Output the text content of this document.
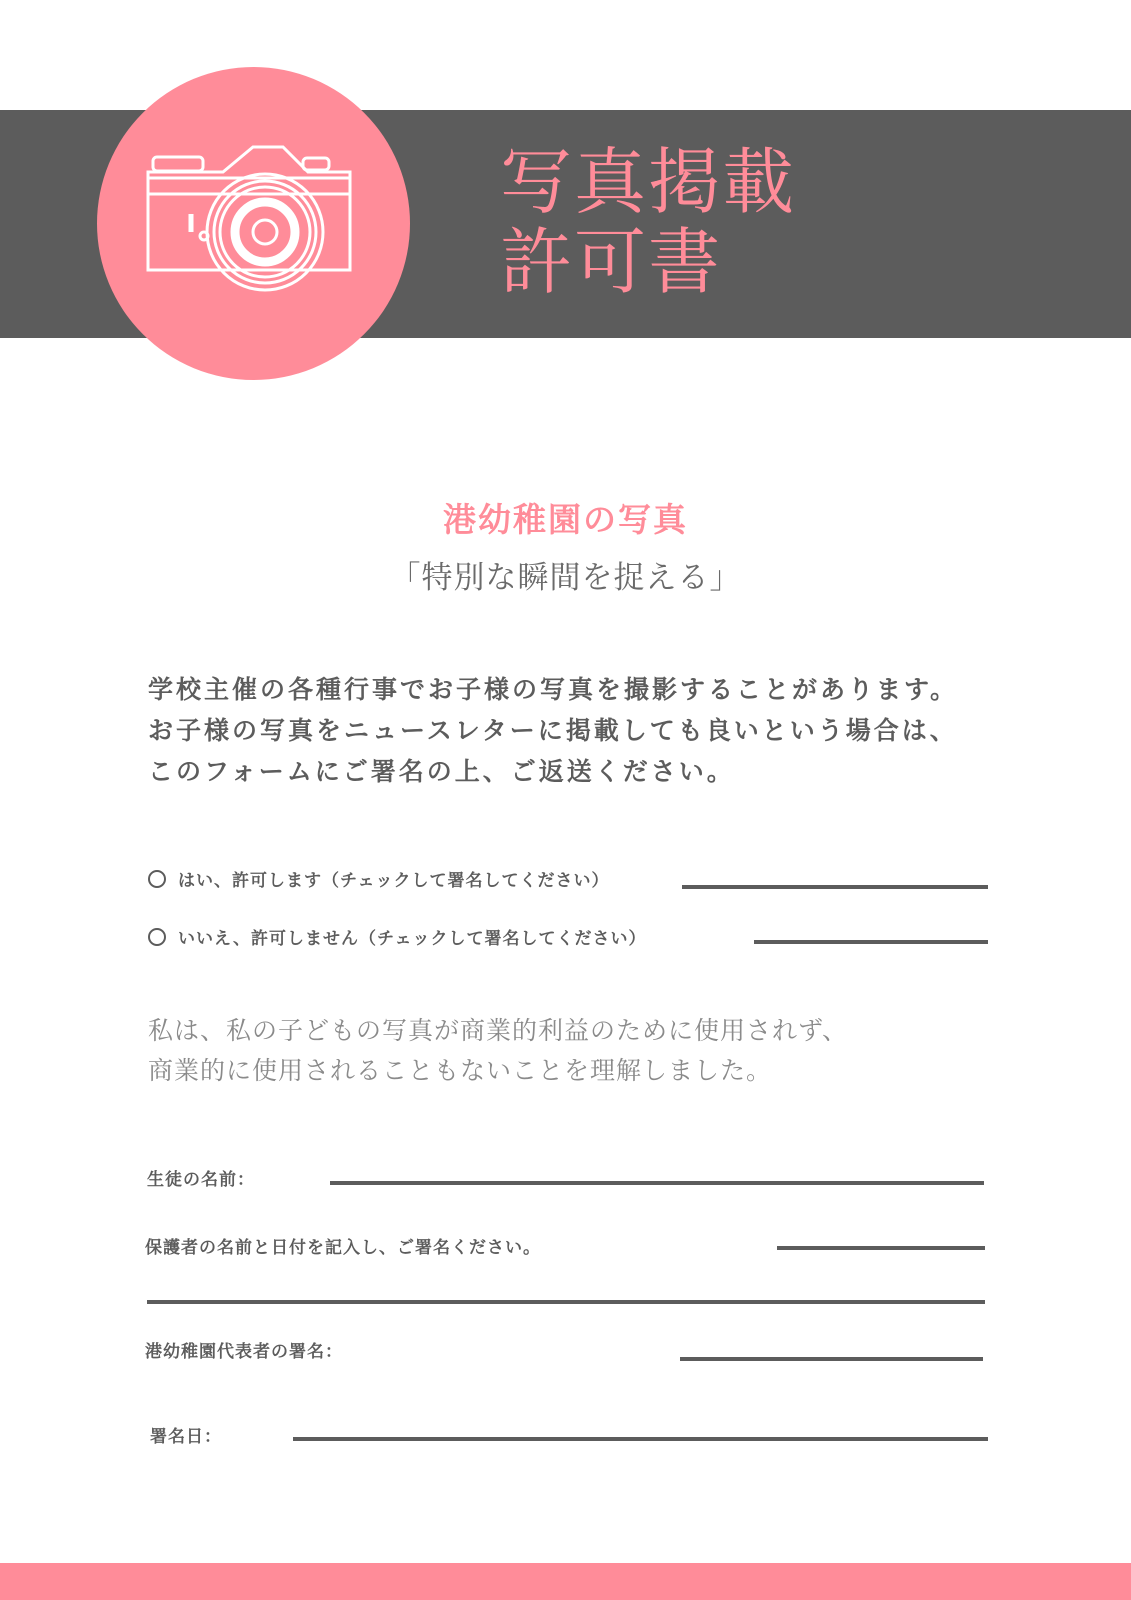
写真掲載
許可書
港幼稚園の写真
「特別な瞬間を捉える」

学校主催の各種行事でお子様の写真を撮影することがあります。お子様の写真をニュースレターに掲載しても良いという場合は、このフォームにご署名の上、ご返送ください。

はい、許可します（チェックして署名してください）
いいえ、許可しません（チェックして署名してください）
私は、私の子どもの写真が商業的利益のために使用されず、
商業的に使用されることもないことを理解しました。
生徒の名前：
保護者の名前と日付を記入し、ご署名ください。
港幼稚園代表者の署名：
署名日：
